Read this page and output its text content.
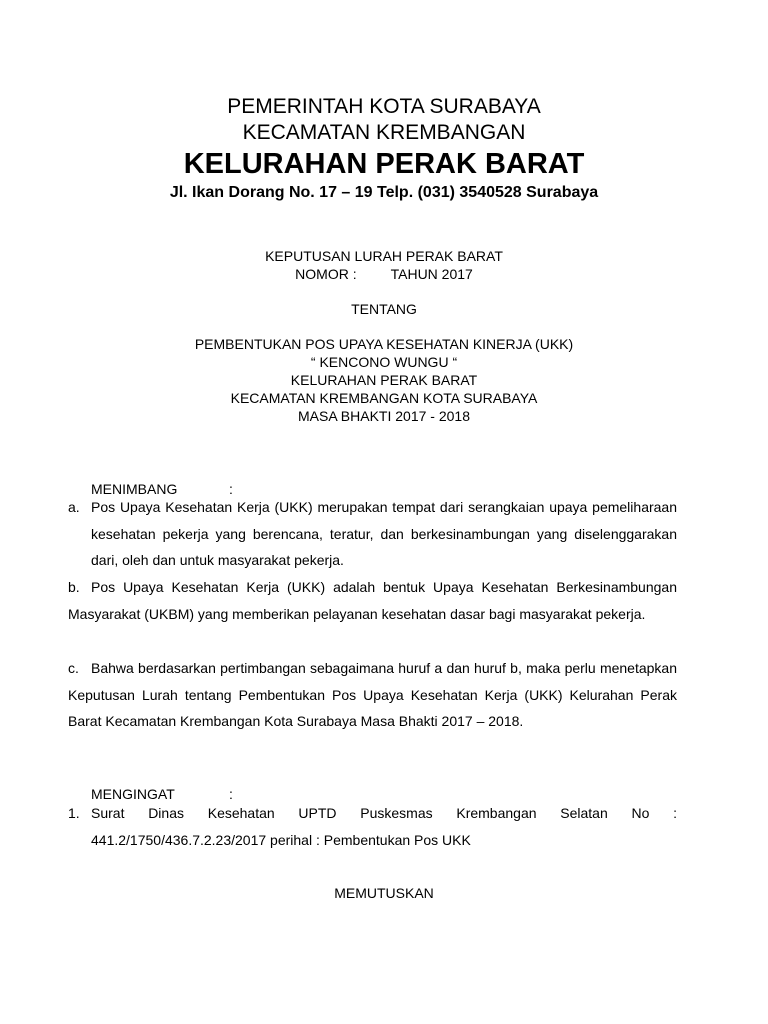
PEMERINTAH KOTA SURABAYA
KECAMATAN KREMBANGAN
KELURAHAN PERAK BARAT
Jl. Ikan Dorang No. 17 – 19 Telp. (031) 3540528 Surabaya
KEPUTUSAN LURAH PERAK BARAT
NOMOR : TAHUN 2017
TENTANG
PEMBENTUKAN POS UPAYA KESEHATAN KINERJA (UKK)
“ KENCONO WUNGU “
KELURAHAN PERAK BARAT
KECAMATAN KREMBANGAN KOTA SURABAYA
MASA BHAKTI 2017 - 2018
MENIMBANG	:
a. Pos Upaya Kesehatan Kerja (UKK) merupakan tempat dari serangkaian upaya pemeliharaan kesehatan pekerja yang berencana, teratur, dan berkesinambungan yang diselenggarakan dari, oleh dan untuk masyarakat pekerja.
b. Pos Upaya Kesehatan Kerja (UKK) adalah bentuk Upaya Kesehatan Berkesinambungan Masyarakat (UKBM) yang memberikan pelayanan kesehatan dasar bagi masyarakat pekerja.
c. Bahwa berdasarkan pertimbangan sebagaimana huruf a dan huruf b, maka perlu menetapkan Keputusan Lurah tentang Pembentukan Pos Upaya Kesehatan Kerja (UKK) Kelurahan Perak Barat Kecamatan Krembangan Kota Surabaya Masa Bhakti 2017 – 2018.
MENGINGAT	:
1. Surat Dinas Kesehatan UPTD Puskesmas Krembangan Selatan No : 441.2/1750/436.7.2.23/2017 perihal : Pembentukan Pos UKK
MEMUTUSKAN
